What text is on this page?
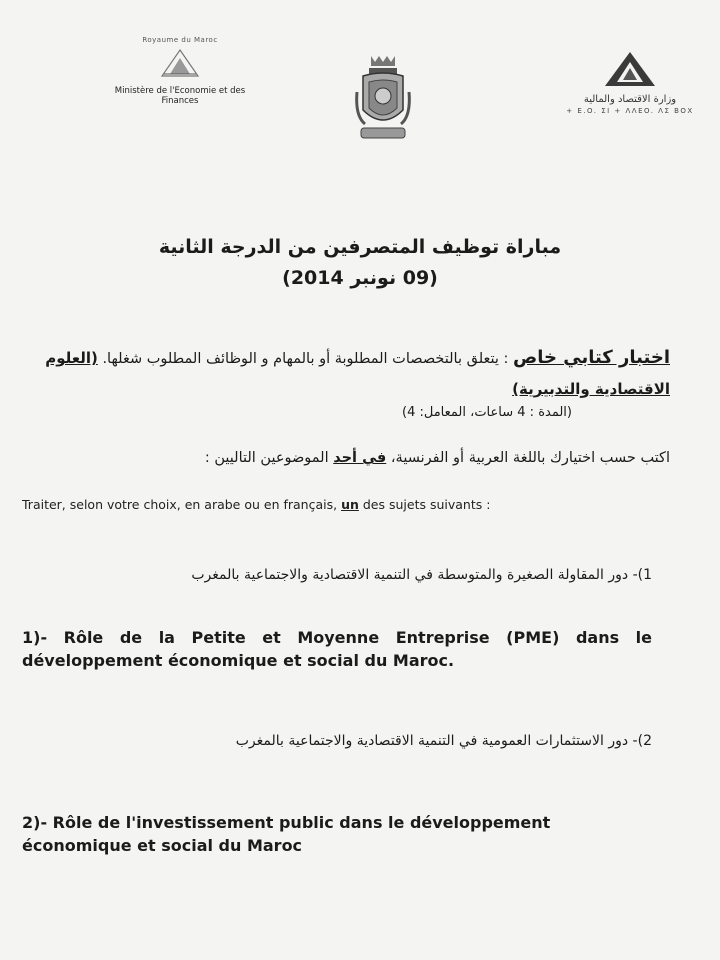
Royaume du Maroc
Ministère de l'Economie et des Finances	وزارة الاقتصاد والمالية
+ E.O. ΣI + ΛΛEO. ΛΣ ΒΟΧ
مباراة توظيف المتصرفين من الدرجة الثانية
(09 نونبر 2014)
اختبار كتابي خاص : يتعلق بالتخصصات المطلوبة أو بالمهام و الوظائف المطلوب شغلها. (العلوم الاقتصادية والتدبيرية)
(المدة : 4 ساعات، المعامل: 4)
اكتب حسب اختيارك باللغة العربية أو الفرنسية، في أحد الموضوعين التاليين :
Traiter, selon votre choix, en arabe ou en français, un des sujets suivants :
1)- دور المقاولة الصغيرة والمتوسطة في التنمية الاقتصادية والاجتماعية بالمغرب
1)- Rôle de la Petite et Moyenne Entreprise (PME) dans le développement économique et social du Maroc.
2)- دور الاستثمارات العمومية في التنمية الاقتصادية والاجتماعية بالمغرب
2)- Rôle de l'investissement public dans le développement économique et social du Maroc
